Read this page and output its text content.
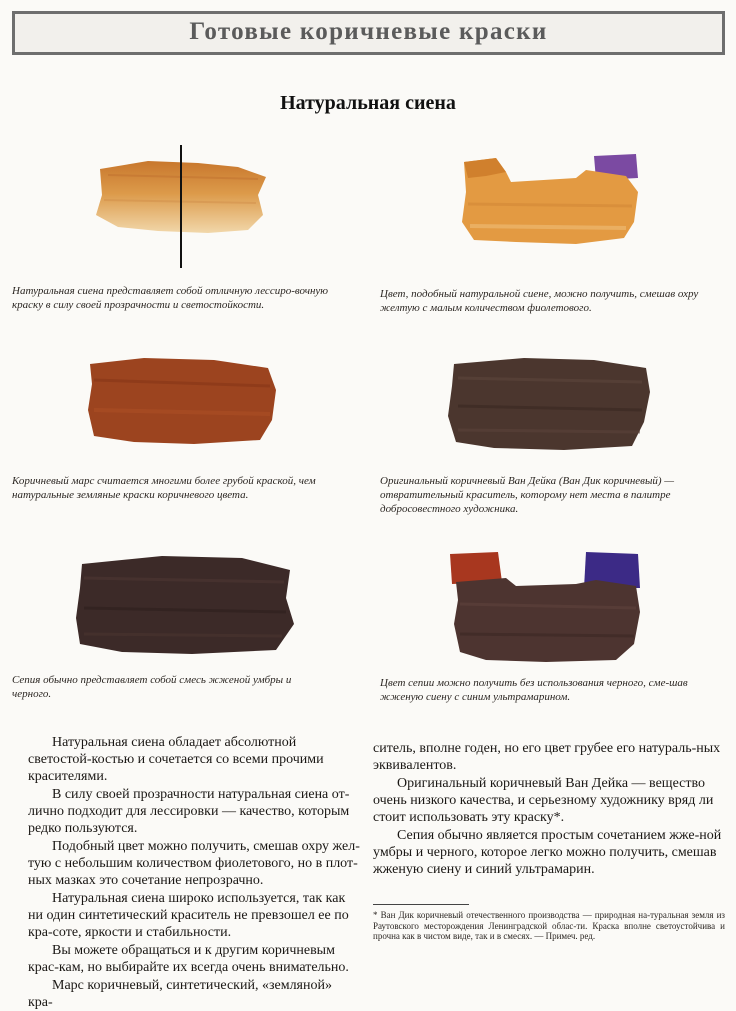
Готовые коричневые краски
Натуральная сиена
Натуральная сиена представляет собой отличную лессиро-вочную краску в силу своей прозрачности и светостойкости.
Цвет, подобный натуральной сиене, можно получить, смешав охру желтую с малым количеством фиолетового.
Коричневый марс считается многими более грубой краской, чем натуральные земляные краски коричневого цвета.
Оригинальный коричневый Ван Дейка (Ван Дик коричневый) — отвратительный краситель, которому нет места в палитре добросовестного художника.
Сепия обычно представляет собой смесь жженой умбры и черного.
Цвет сепии можно получить без использования черного, сме-шав жженую сиену с синим ультрамарином.

Натуральная сиена обладает абсолютной светостой-костью и сочетается со всеми прочими красителями.

В силу своей прозрачности натуральная сиена от-лично подходит для лессировки — качество, которым редко пользуются.

Подобный цвет можно получить, смешав охру жел-тую с небольшим количеством фиолетового, но в плот-ных мазках это сочетание непрозрачно.

Натуральная сиена широко используется, так как ни один синтетический краситель не превзошел ее по кра-соте, яркости и стабильности.

Вы можете обращаться и к другим коричневым крас-кам, но выбирайте их всегда очень внимательно.

Марс коричневый, синтетический, «земляной» кра-

ситель, вполне годен, но его цвет грубее его натураль-ных эквивалентов.

Оригинальный коричневый Ван Дейка — вещество очень низкого качества, и серьезному художнику вряд ли стоит использовать эту краску*.

Сепия обычно является простым сочетанием жже-ной умбры и черного, которое легко можно получить, смешав жженую сиену и синий ультрамарин.

* Ван Дик коричневый отечественного производства — природная на-туральная земля из Раутовского месторождения Ленинградской облас-ти. Краска вполне светоустойчива и прочна как в чистом виде, так и в смесях. — Примеч. ред.
